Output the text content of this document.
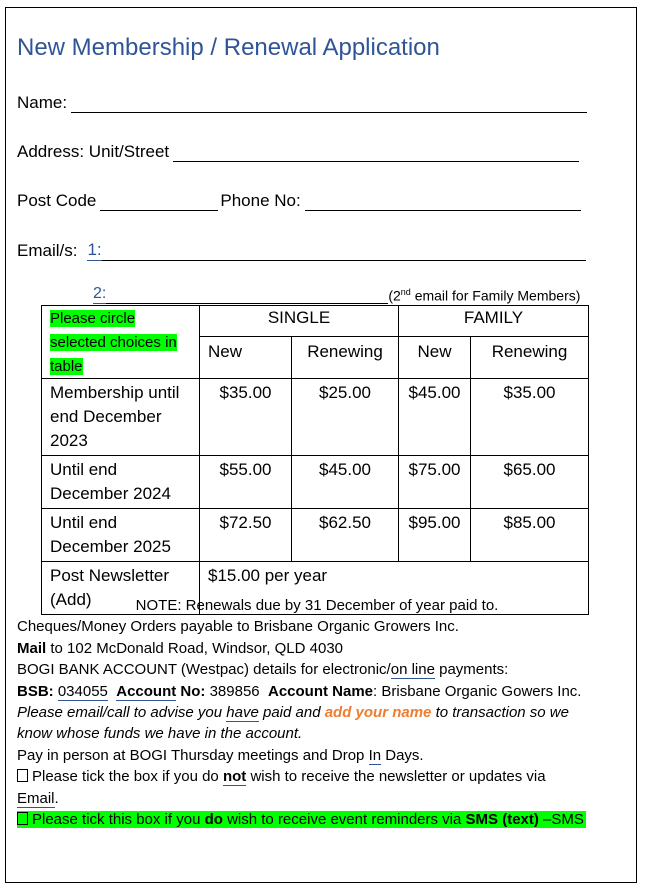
New Membership / Renewal Application
Name:
Address: Unit/Street
Post Code	Phone No:
Email/s: 1:
2:	(2nd email for Family Members)
Please circle selected choices in table	SINGLE		FAMILY	
	New	Renewing	New	Renewing
Membership until end December 2023	$35.00	$25.00	$45.00	$35.00
Until end December 2024	$55.00	$45.00	$75.00	$65.00
Until end December 2025	$72.50	$62.50	$95.00	$85.00
Post Newsletter (Add)	$15.00 per year			

NOTE: Renewals due by 31 December of year paid to.

Cheques/Money Orders payable to Brisbane Organic Growers Inc.

Mail to 102 McDonald Road, Windsor, QLD 4030

BOGI BANK ACCOUNT (Westpac) details for electronic/on line payments:

BSB: 034055 Account No: 389856 Account Name: Brisbane Organic Gowers Inc.

Please email/call to advise you have paid and add your name to transaction so we

know whose funds we have in the account.

Pay in person at BOGI Thursday meetings and Drop In Days.

Please tick the box if you do not wish to receive the newsletter or updates via

Email.

Please tick this box if you do wish to receive event reminders via SMS (text) –SMS
